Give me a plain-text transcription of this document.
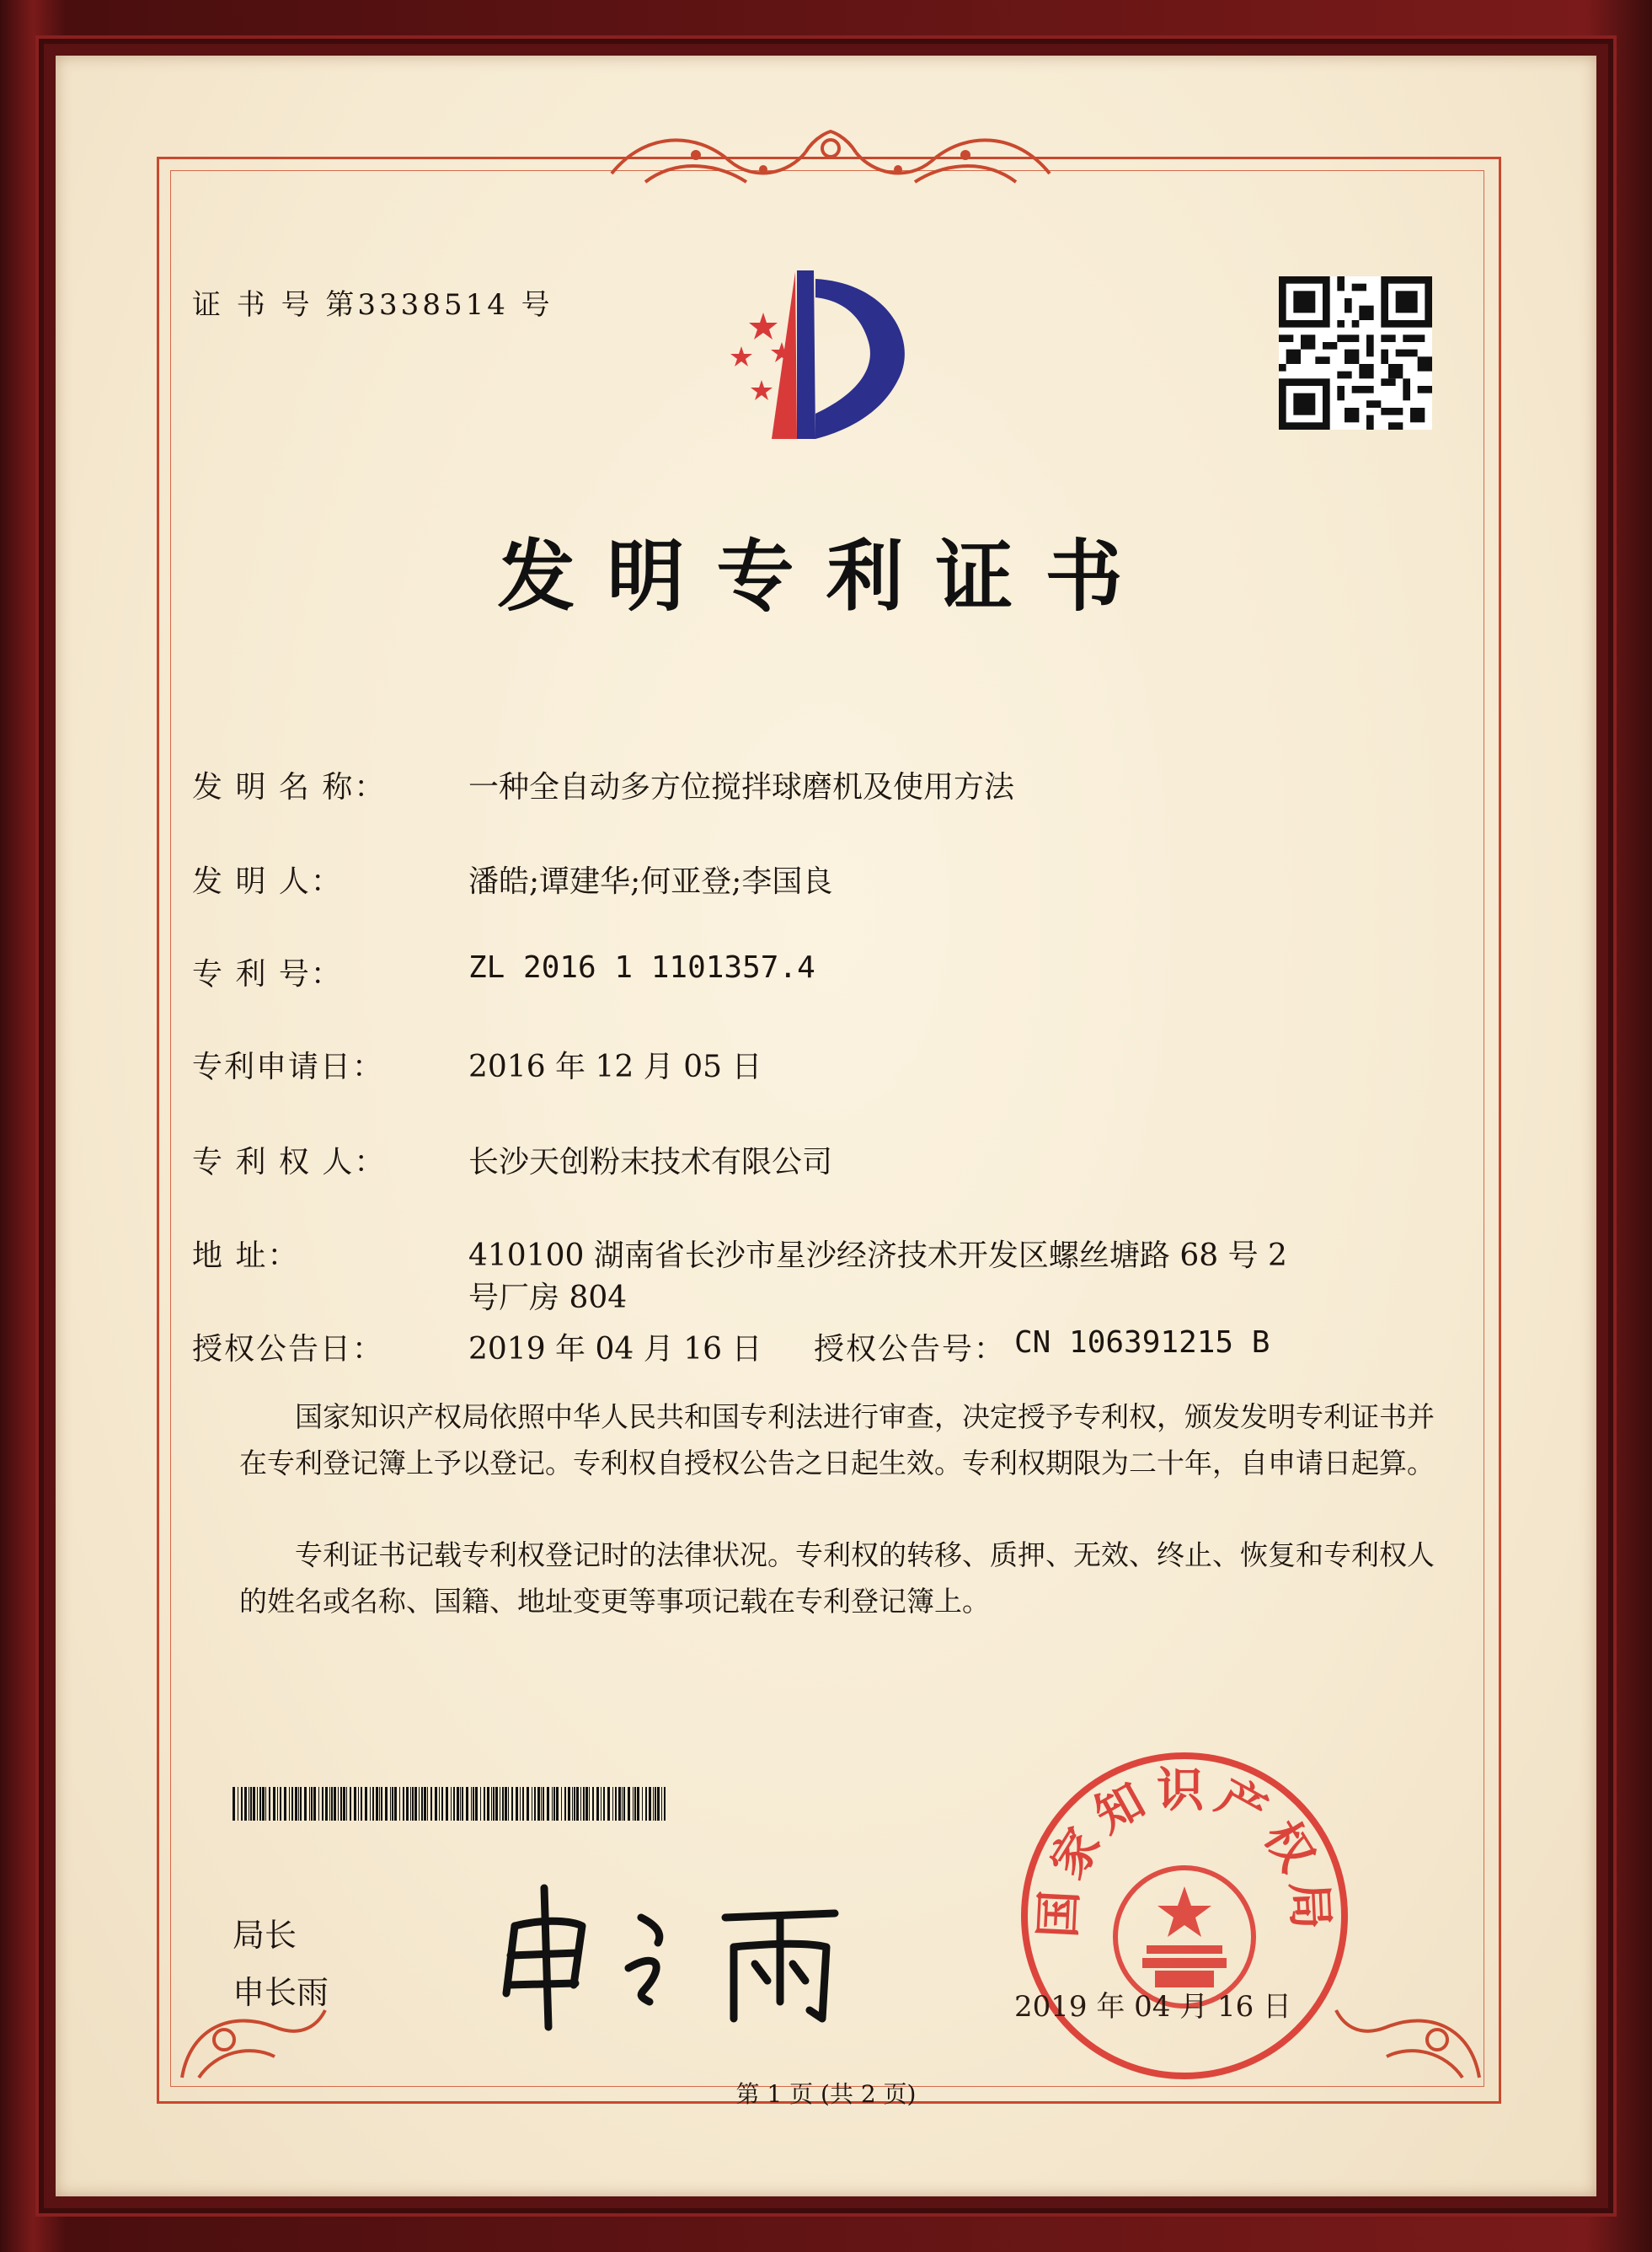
证 书 号 第3338514 号
发明专利证书
发 明 名 称：	一种全自动多方位搅拌球磨机及使用方法
发 明 人：	潘皓;谭建华;何亚登;李国良
专 利 号：	ZL 2016 1 1101357.4
专利申请日：	2016 年 12 月 05 日
专 利 权 人：	长沙天创粉末技术有限公司
地 址：	410100 湖南省长沙市星沙经济技术开发区螺丝塘路 68 号 2
号厂房 804
授权公告日：	2019 年 04 月 16 日 授权公告号： CN 106391215 B
国家知识产权局依照中华人民共和国专利法进行审查，决定授予专利权，颁发发明专利证书并在专利登记簿上予以登记。专利权自授权公告之日起生效。专利权期限为二十年，自申请日起算。
专利证书记载专利权登记时的法律状况。专利权的转移、质押、无效、终止、恢复和专利权人的姓名或名称、国籍、地址变更等事项记载在专利登记簿上。
局长
申长雨
国家知识产权局
2019 年 04 月 16 日
第 1 页 (共 2 页)
